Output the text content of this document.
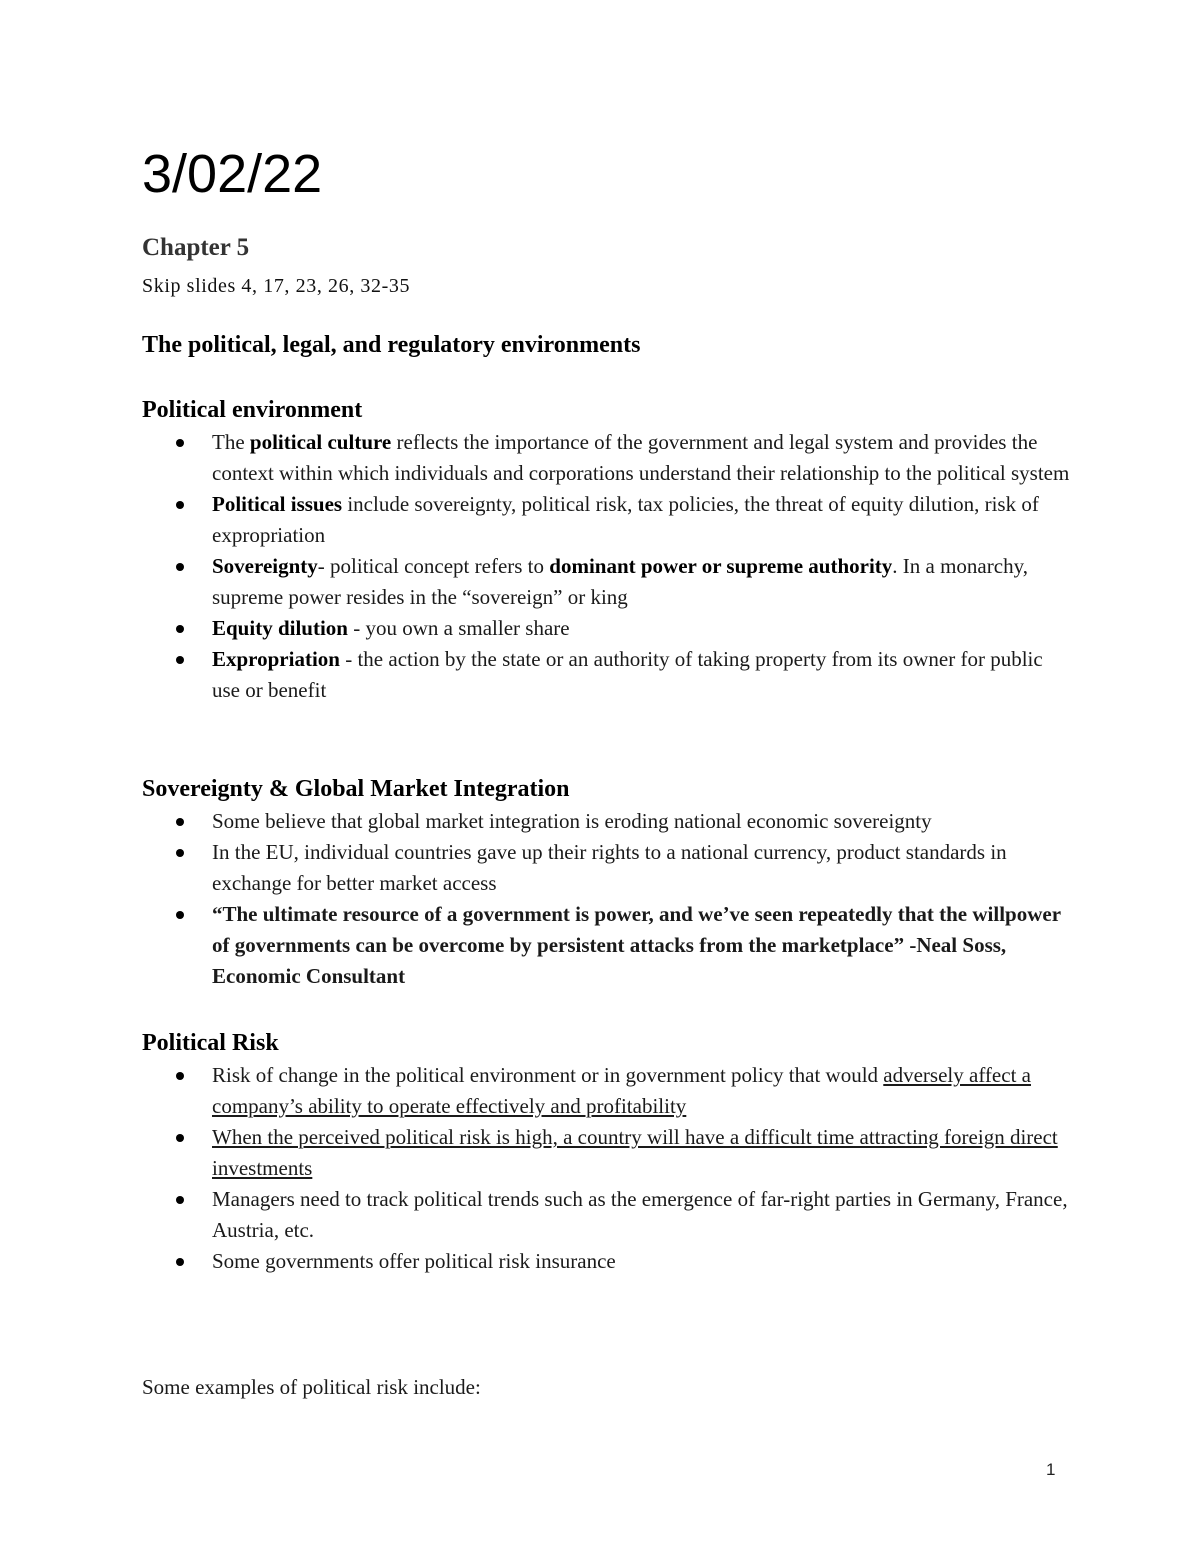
3/02/22
Chapter 5
Skip slides 4, 17, 23, 26, 32-35
The political, legal, and regulatory environments
Political environment
The political culture reflects the importance of the government and legal system and provides the context within which individuals and corporations understand their relationship to the political system
Political issues include sovereignty, political risk, tax policies, the threat of equity dilution, risk of expropriation
Sovereignty- political concept refers to dominant power or supreme authority. In a monarchy, supreme power resides in the “sovereign” or king
Equity dilution - you own a smaller share
Expropriation - the action by the state or an authority of taking property from its owner for public use or benefit
Sovereignty & Global Market Integration
Some believe that global market integration is eroding national economic sovereignty
In the EU, individual countries gave up their rights to a national currency, product standards in exchange for better market access
“The ultimate resource of a government is power, and we’ve seen repeatedly that the willpower of governments can be overcome by persistent attacks from the marketplace” -Neal Soss, Economic Consultant
Political Risk
Risk of change in the political environment or in government policy that would adversely affect a company’s ability to operate effectively and profitability
When the perceived political risk is high, a country will have a difficult time attracting foreign direct investments
Managers need to track political trends such as the emergence of far-right parties in Germany, France, Austria, etc.
Some governments offer political risk insurance
Some examples of political risk include:
1
